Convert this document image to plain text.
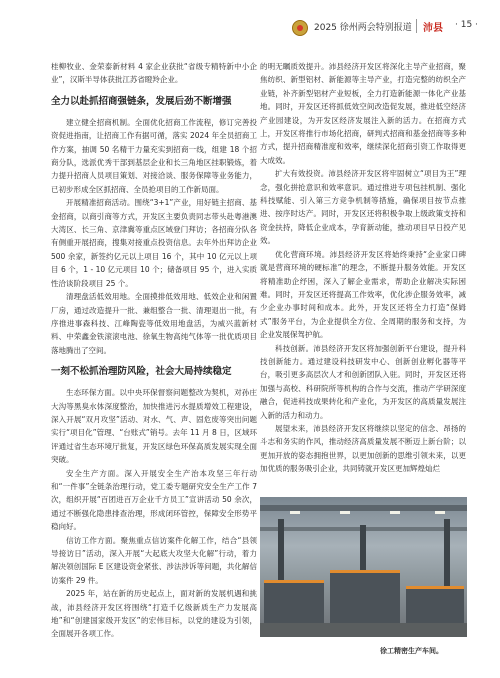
2025 徐州两会特别报道 沛县 · 15 ·

桂柳牧业、金荣泰新材料 4 家企业获批“省级专精特新中小企业”，汉斯半导体获批江苏省瞪羚企业。

全力以赴抓招商强链条，发展后劲不断增强

建立健全招商机制。全面优化招商工作流程，修订完善投资促进指南，让招商工作有据可循，落实 2024 年全员招商工作方案，抽调 50 名精干力量充实到招商一线，组建 18 个招商分队，选派优秀干部到基层企业和长三角地区挂职锻炼，着力提升招商人员项目策划、对接洽谈、服务保障等业务能力，已初步形成全区抓招商、全员抢项目的工作新局面。

开展精准招商活动。围绕“3+1”产业，用好链主招商、基金招商，以商引商等方式，开发区主要负责同志带头赴粤港澳大湾区、长三角、京津冀等重点区域登门拜访；各招商分队各有侧重开展招商，搜集对接重点投资信息。去年外出拜访企业 500 余家，新签约亿元以上项目 16 个，其中 10 亿元以上项目 6 个，1 - 10 亿元项目 10 个；储备项目 95 个，进入实质性洽谈阶段项目 25 个。

清理盘活低效用地。全面摸排低效用地、低效企业和闲置厂房，通过改造提升一批、兼组整合一批、清理退出一批，有序推进事森科技、江峰陶瓷等低效用地盘活，为威兴蓝新材料、中荣鑫金铁滚滚电池、徐氧生物高纯气体等一批优质项目落地腾出了空间。

一刻不松抓治理防风险，社会大局持续稳定

生态环保方面。以中央环保督察问题整改为契机，对孙庄大沟等黑臭水体深度整治，加快推进污水提质增效工程建设，深入开展“双月攻坚”活动、对水、气、声、固危废等突出问题实行“项目化”管理、“台账式”销号。去年 11 月 8 日，区域环评通过省生态环境厅批复，开发区绿色环保高质发展实现全面突破。

安全生产方面。深入开展安全生产治本攻坚三年行动和“一件事”全链条治理行动，党工委专题研究安全生产工作 7 次，组织开展“百团进百万企业千方员工”宣讲活动 50 余次，通过不断强化隐患排查治理，形成闭环管控，保障安全形势平稳向好。

信访工作方面。聚焦重点信访案件化解工作，结合“县领导接访日”活动，深入开展“大起底大攻坚大化解”行动，着力解决领创国际 E 区建设资金紧张、涉法涉诉等问题，共化解信访案件 29 件。

2025 年，站在新的历史起点上，面对新的发展机遇和挑战，沛县经济开发区将围绕“打造千亿级新质生产力发展高地”和“创建国家级开发区”的宏伟目标，以党的建设为引领，全面展开各项工作。

的明无瞩质效提升。沛县经济开发区将深化主导产业招商，聚焦纺织、新型铝材、新能源等主导产业，打造完整的纺织全产业链，补齐新型铝材产业短板，全力打造新能源一体化产业基地。同时，开发区还将抓低效空间改造促发展，推进低空经济产业园建设，为开发区经济发展注入新的活力。在招商方式上，开发区将推行市场化招商，研判式招商和基金招商等多种方式，提升招商精准度和效率，继续深化招商引资工作取得更大成效。

扩大有效投资。沛县经济开发区将牢固树立“项目为王”理念，强化拼抢意识和效率意识。通过推进专项包挂机制、强化科技赋能、引入第三方竞争机制等措施，确保项目按节点推进、按序时达产。同时，开发区还将积极争取上级政策支持和资金扶持，降低企业成本，孕育新动能，推动项目早日投产见效。

优化营商环境。沛县经济开发区将始终秉持“企业家口碑就是营商环境的硬标准”的理念，不断提升服务效能。开发区将精准助企纾困，深入了解企业需求，帮助企业解决实际困难。同时，开发区还将提高工作效率，优化涉企服务效率，减少企业办事时间和成本。此外，开发区还将全力打造“保姆式”服务平台，为企业提供全方位、全周期的服务和支持，为企业发展保驾护航。

科技创新。沛县经济开发区将加强创新平台建设，提升科技创新能力。通过建设科技研发中心、创新创业孵化器等平台，吸引更多高层次人才和创新团队入驻。同时，开发区还将加强与高校、科研院所等机构的合作与交流，推动产学研深度融合，促进科技成果转化和产业化，为开发区的高质量发展注入新的活力和动力。

展望未来，沛县经济开发区将继续以坚定的信念、昂扬的斗志和务实的作风，推动经济高质量发展不断迈上新台阶；以更加开放的姿态拥抱世界，以更加创新的思维引领未来，以更加优质的服务吸引企业，共同铸就开发区更加辉煌灿烂

徐工精密生产车间。
